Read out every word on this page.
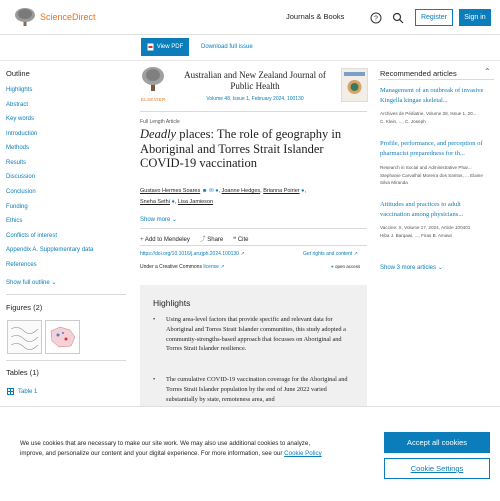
ScienceDirect	Journals & Books	?	Register	Sign in
View PDF	Download full issue
Outline
Highlights
Abstract
Key words
Introduction
Methods
Results
Discussion
Conclusion
Funding
Ethics
Conflicts of interest
Appendix A. Supplementary data
References
Show full outline ⌄
Figures (2)
Tables (1)
Table 1
ELSEVIER
Australian and New Zealand Journal of Public Health
Volume 48, Issue 1, February 2024, 100130
Full Length Article
Deadly places: The role of geography in Aboriginal and Torres Strait Islander COVID-19 vaccination
Gustavo Hermes Soares ☻ ✉ ●, Joanne Hedges, Brianna Poirier ●,
Sneha Sethi ●, Lisa Jamieson
Show more ⌄
+ Add to Mendeley ⤴ Share ❝ Cite
https://doi.org/10.1016/j.anzjph.2024.100130 ↗	Get rights and content ↗
Under a Creative Commons license ↗	● open access
Highlights
• Using area-level factors that provide specific and relevant data for Aboriginal and Torres Strait Islander communities, this study adopted a community-strengths-based approach that focusses on Aboriginal and Torres Strait Islander resilience.
• The cumulative COVID-19 vaccination coverage for the Aboriginal and Torres Strait Islander population by the end of June 2022 varied substantially by state, remoteness area, and
Recommended articles	⌃
Management of an outbreak of invasive Kingella kingae skeletal...
Archives de Pédiatrie, Volume 28, Issue 1, 20...
C. Klein, ..., C. Joseph
Profile, performance, and perception of pharmacist preparedness for th...
Research in Social and Administrative Phar...
Stephanie Carvalhal Moreira dos Santos, ... Elaine Silva Miranda
Attitudes and practices to adult vaccination among physicians...
Vaccine: X, Volume 17, 2024, Article 100401
Hiba J. Barqawi, ..., Firas B. Amawi
Show 3 more articles ⌄
We use cookies that are necessary to make our site work. We may also use additional cookies to analyze, improve, and personalize our content and your digital experience. For more information, see our Cookie Policy
Accept all cookies
Cookie Settings
